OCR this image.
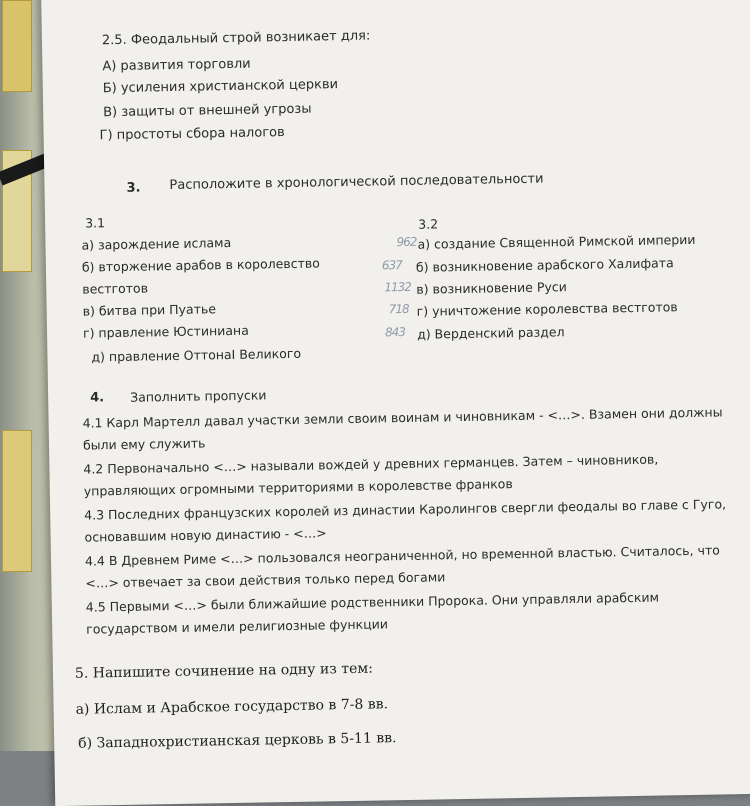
2.5. Феодальный строй возникает для:
А) развития торговли
Б) усиления христианской церкви
В) защиты от внешней угрозы
Г) простоты сбора налогов
3. Расположите в хронологической последовательности
3.1
а) зарождение ислама
б) вторжение арабов в королевство
вестготов
в) битва при Пуатье
г) правление Юстиниана
д) правление ОттонаI Великого
3.2
962 а) создание Священной Римской империи
637 б) возникновение арабского Халифата
1132 в) возникновение Руси
718 г) уничтожение королевства вестготов
843 д) Верденский раздел
4. Заполнить пропуски
4.1 Карл Мартелл давал участки земли своим воинам и чиновникам - <…>. Взамен они должны
были ему служить
4.2 Первоначально <…> называли вождей у древних германцев. Затем – чиновников,
управляющих огромными территориями в королевстве франков
4.3 Последних французских королей из династии Каролингов свергли феодалы во главе с Гуго,
основавшим новую династию - <…>
4.4 В Древнем Риме <…> пользовался неограниченной, но временной властью. Считалось, что
<…> отвечает за свои действия только перед богами
4.5 Первыми <…> были ближайшие родственники Пророка. Они управляли арабским
государством и имели религиозные функции
5. Напишите сочинение на одну из тем:
а) Ислам и Арабское государство в 7-8 вв.
б) Западнохристианская церковь в 5-11 вв.
